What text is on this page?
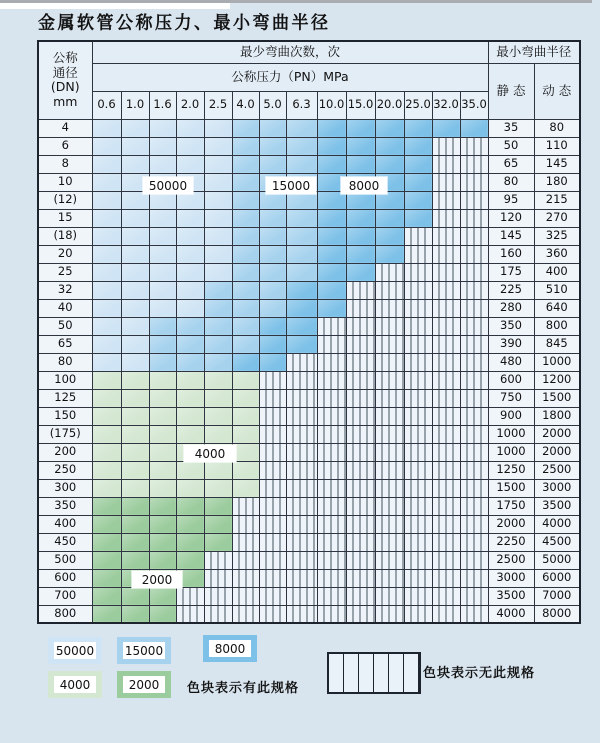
金属软管公称压力、最小弯曲半径
公称
通径
(DN)
mm	最少弯曲次数，次														最小弯曲半径	
	公称压力（PN）MPa														静 态	动 态
	0.6	1.0	1.6	2.0	2.5	4.0	5.0	6.3	10.0	15.0	20.0	25.0	32.0	35.0		
4															35	80
6															50	110
8															65	145
10															80	180
(12)															95	215
15															120	270
(18)															145	325
20															160	360
25															175	400
32															225	510
40															280	640
50															350	800
65															390	845
80															480	1000
100															600	1200
125															750	1500
150															900	1800
(175)															1000	2000
200															1000	2000
250															1250	2500
300															1500	3000
350															1750	3500
400															2000	4000
450															2250	4500
500															2500	5000
600															3000	6000
700															3500	7000
800															4000	8000
50000	15000	8000
4000
2000
50000	15000	8000
4000	2000	色块表示有此规格
色块表示无此规格
